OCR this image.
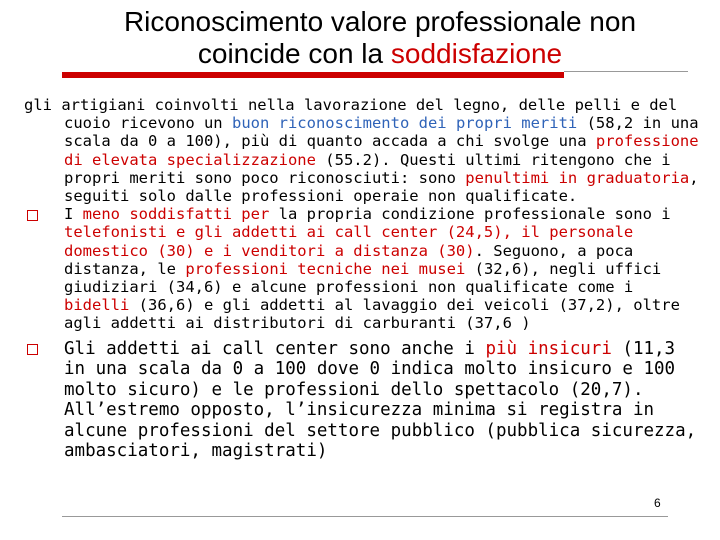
Riconoscimento valore professionale non
coincide con la soddisfazione
gli artigiani coinvolti nella lavorazione del legno, delle pelli e del cuoio ricevono un buon riconoscimento dei propri meriti (58,2 in una scala da 0 a 100), più di quanto accada a chi svolge una professione di elevata specializzazione (55.2). Questi ultimi ritengono che i propri meriti sono poco riconosciuti: sono penultimi in graduatoria, seguiti solo dalle professioni operaie non qualificate.
I meno soddisfatti per la propria condizione professionale sono i telefonisti e gli addetti ai call center (24,5), il personale domestico (30) e i venditori a distanza (30). Seguono, a poca distanza, le professioni tecniche nei musei (32,6), negli uffici giudiziari (34,6) e alcune professioni non qualificate come i bidelli (36,6) e gli addetti al lavaggio dei veicoli (37,2), oltre agli addetti ai distributori di carburanti (37,6 )
Gli addetti ai call center sono anche i più insicuri (11,3 in una scala da 0 a 100 dove 0 indica molto insicuro e 100 molto sicuro) e le professioni dello spettacolo (20,7). All’estremo opposto, l’insicurezza minima si registra in alcune professioni del settore pubblico (pubblica sicurezza, ambasciatori, magistrati)
6
